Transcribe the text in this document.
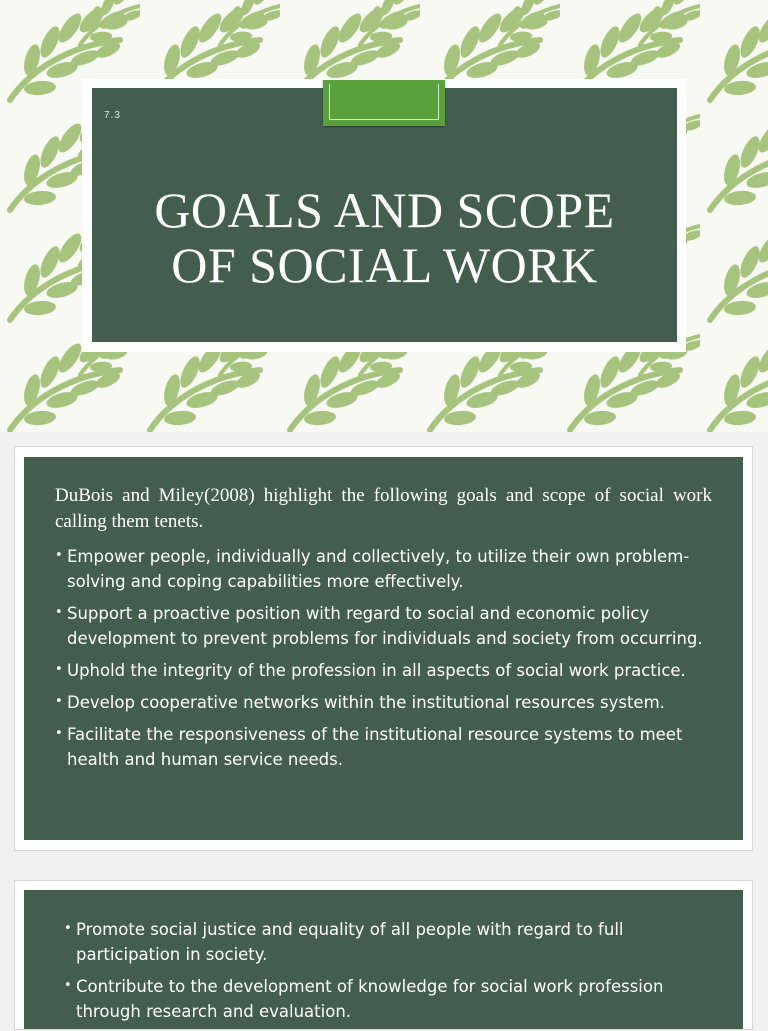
7.3
GOALS AND SCOPE
OF SOCIAL WORK

DuBois and Miley(2008) highlight the following goals and scope of social work calling them tenets.

• Empower people, individually and collectively, to utilize their own problem-solving and coping capabilities more effectively.
• Support a proactive position with regard to social and economic policy development to prevent problems for individuals and society from occurring.
• Uphold the integrity of the profession in all aspects of social work practice.
• Develop cooperative networks within the institutional resources system.
• Facilitate the responsiveness of the institutional resource systems to meet health and human service needs.
• Promote social justice and equality of all people with regard to full participation in society.
• Contribute to the development of knowledge for social work profession through research and evaluation.
